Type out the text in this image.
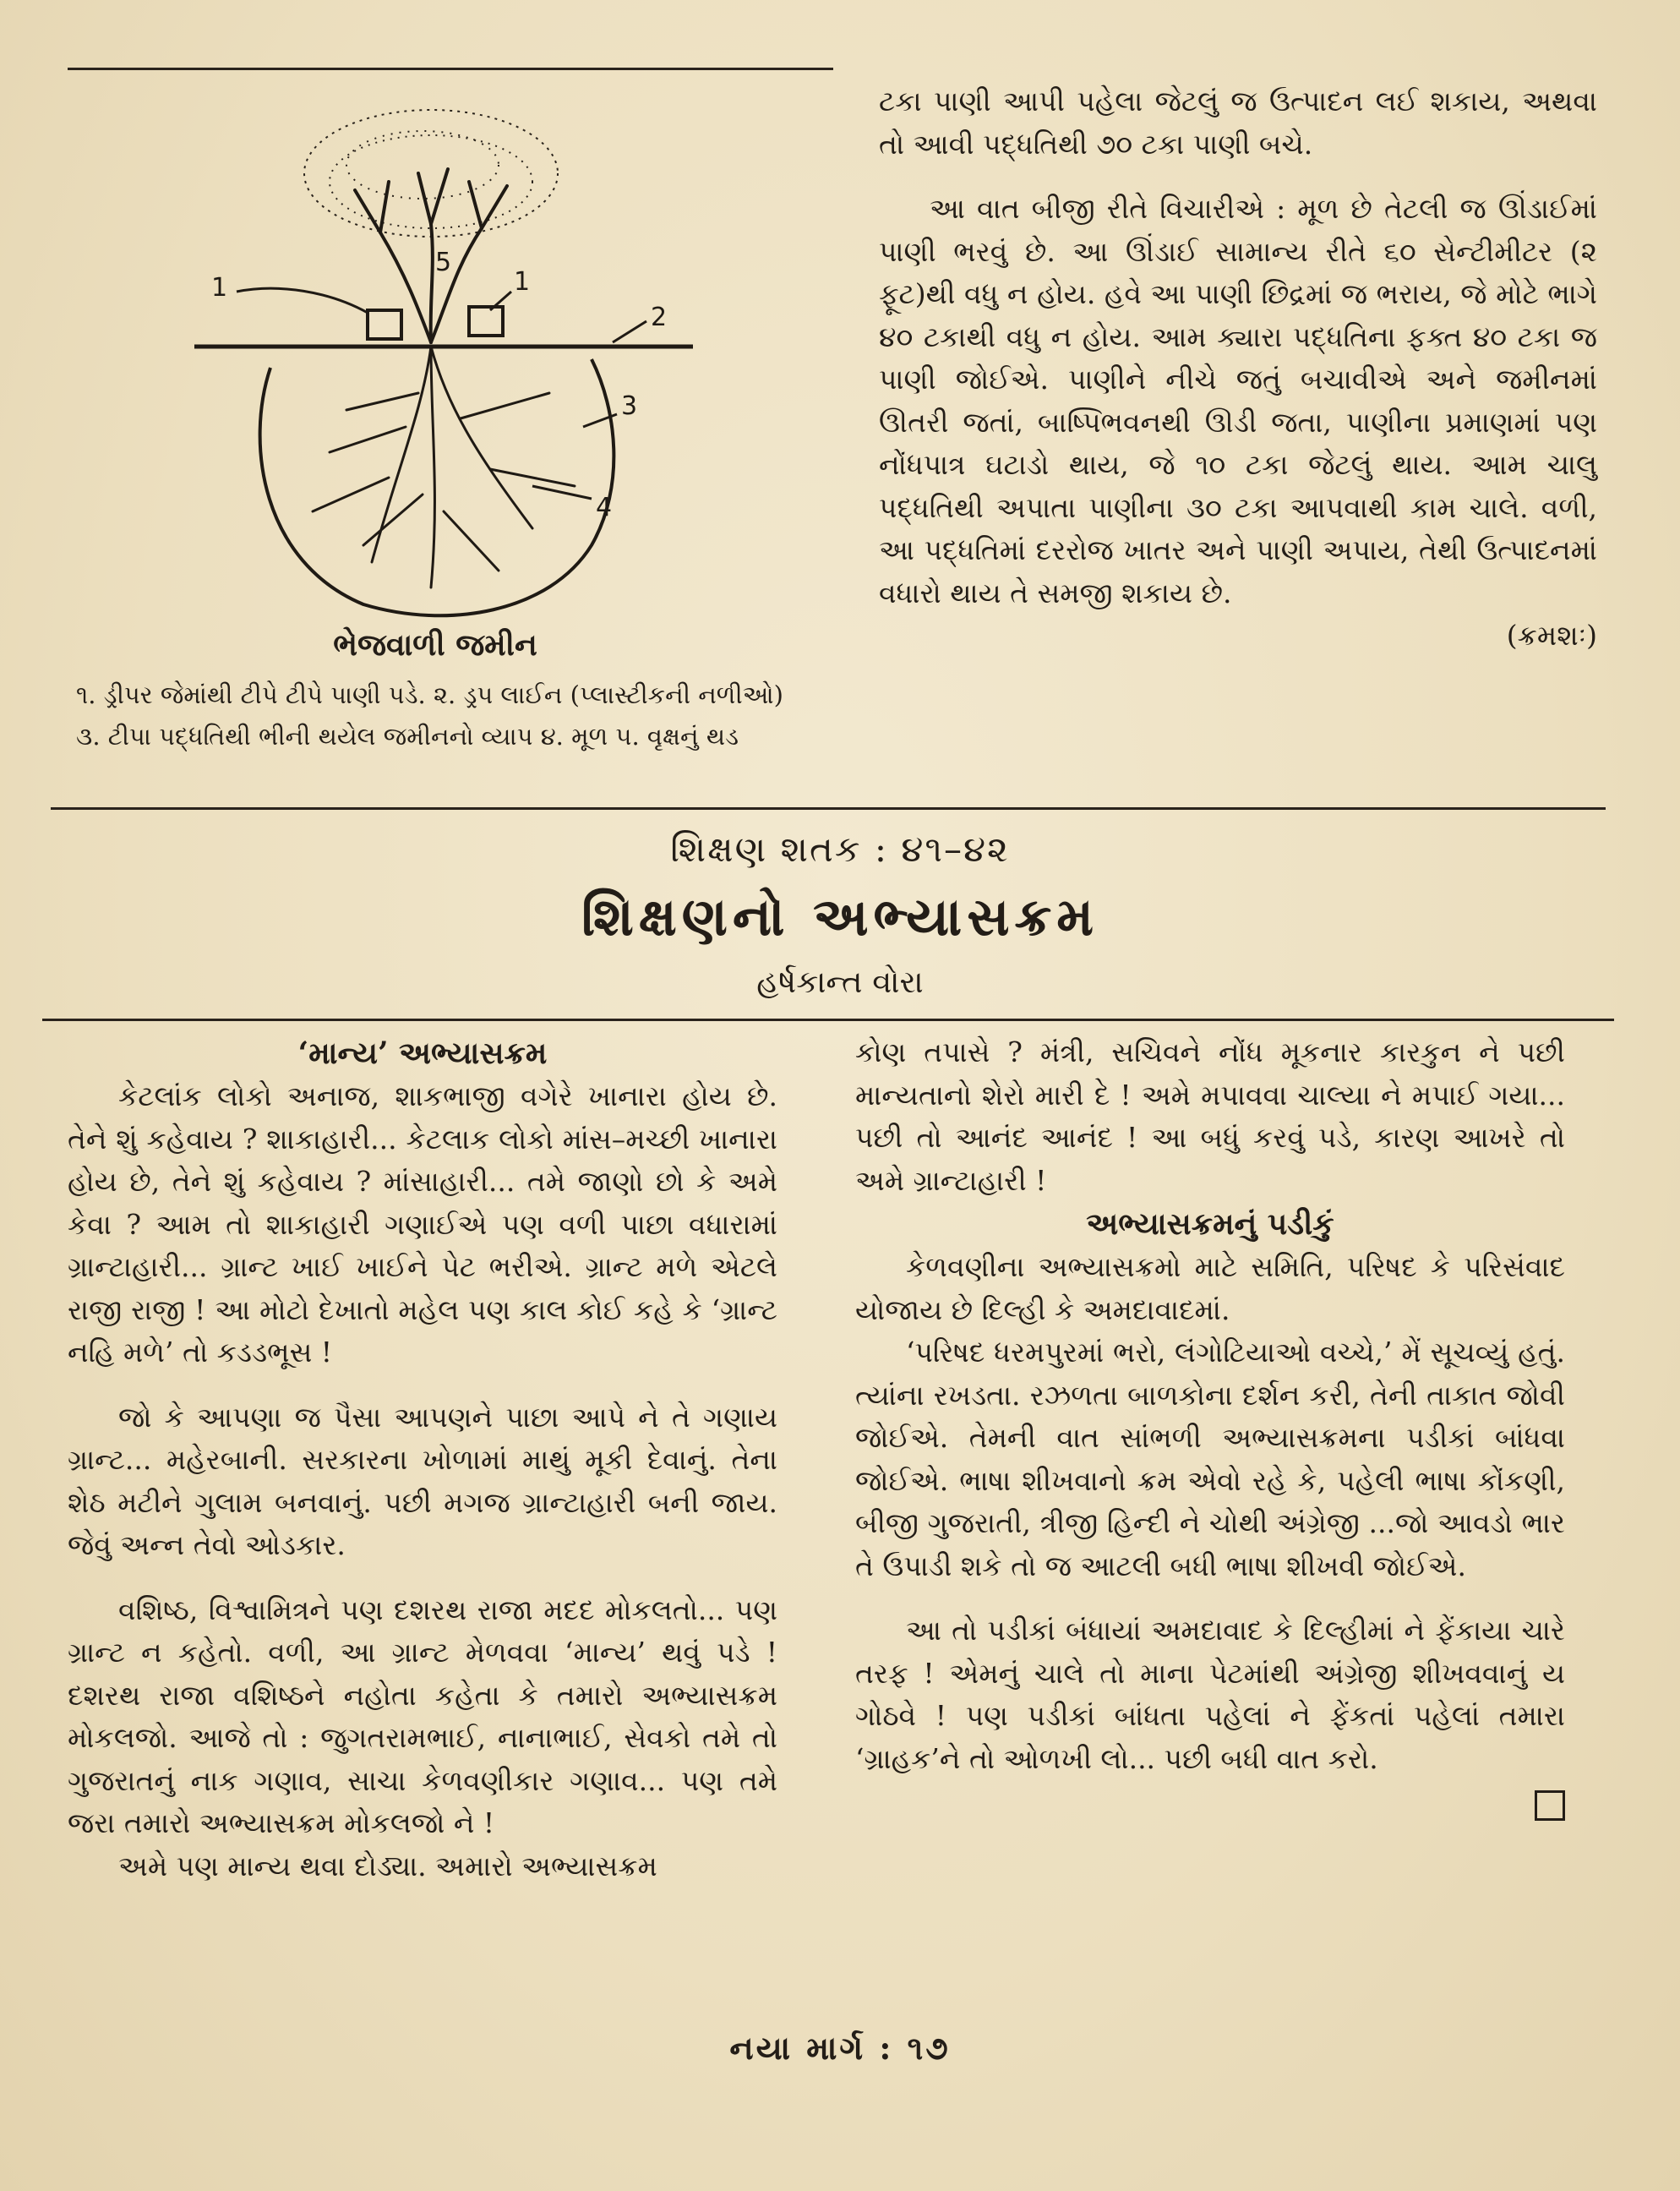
1	1
2
3
4
5
ભેજવાળી જમીન
૧. ડ્રીપર જેમાંથી ટીપે ટીપે પાણી પડે. ૨. ડ્રપ લાઈન (પ્લાસ્ટીકની નળીઓ) ૩. ટીપા પદ્ધતિથી ભીની થયેલ જમીનનો વ્યાપ ૪. મૂળ ૫. વૃક્ષનું થડ

ટકા પાણી આપી પહેલા જેટલું જ ઉત્પાદન લઈ શકાય, અથવા તો આવી પદ્ધતિથી ૭૦ ટકા પાણી બચે.

આ વાત બીજી રીતે વિચારીએ : મૂળ છે તેટલી જ ઊંડાઈમાં પાણી ભરવું છે. આ ઊંડાઈ સામાન્ય રીતે ૬૦ સેન્ટીમીટર (૨ ફૂટ)થી વધુ ન હોય. હવે આ પાણી છિદ્રમાં જ ભરાય, જે મોટે ભાગે ૪૦ ટકાથી વધુ ન હોય. આમ ક્યારા પદ્ધતિના ફક્ત ૪૦ ટકા જ પાણી જોઈએ. પાણીને નીચે જતું બચાવીએ અને જમીનમાં ઊતરી જતાં, બાષ્પિભવનથી ઊડી જતા, પાણીના પ્રમાણમાં પણ નોંધપાત્ર ઘટાડો થાય, જે ૧૦ ટકા જેટલું થાય. આમ ચાલુ પદ્ધતિથી અપાતા પાણીના ૩૦ ટકા આપવાથી કામ ચાલે. વળી, આ પદ્ધતિમાં દરરોજ ખાતર અને પાણી અપાય, તેથી ઉત્પાદનમાં વધારો થાય તે સમજી શકાય છે.

(ક્રમશઃ)

શિક્ષણ શતક : ૪૧–૪૨
શિક્ષણનો અભ્યાસક્રમ
હર્ષકાન્ત વોરા
‘માન્ય’ અભ્યાસક્રમ

કેટલાંક લોકો અનાજ, શાકભાજી વગેરે ખાનારા હોય છે. તેને શું કહેવાય ? શાકાહારી... કેટલાક લોકો માંસ–મચ્છી ખાનારા હોય છે, તેને શું કહેવાય ? માંસાહારી... તમે જાણો છો કે અમે કેવા ? આમ તો શાકાહારી ગણાઈએ પણ વળી પાછા વધારામાં ગ્રાન્ટાહારી... ગ્રાન્ટ ખાઈ ખાઈને પેટ ભરીએ. ગ્રાન્ટ મળે એટલે રાજી રાજી ! આ મોટો દેખાતો મહેલ પણ કાલ કોઈ કહે કે ‘ગ્રાન્ટ નહિ મળે’ તો કડડભૂસ !

જો કે આપણા જ પૈસા આપણને પાછા આપે ને તે ગણાય ગ્રાન્ટ... મહેરબાની. સરકારના ખોળામાં માથું મૂકી દેવાનું. તેના શેઠ મટીને ગુલામ બનવાનું. પછી મગજ ગ્રાન્ટાહારી બની જાય. જેવું અન્ન તેવો ઓડકાર.

વશિષ્ઠ, વિશ્વામિત્રને પણ દશરથ રાજા મદદ મોકલતો... પણ ગ્રાન્ટ ન કહેતો. વળી, આ ગ્રાન્ટ મેળવવા ‘માન્ય’ થવું પડે ! દશરથ રાજા વશિષ્ઠને નહોતા કહેતા કે તમારો અભ્યાસક્રમ મોકલજો. આજે તો : જુગતરામભાઈ, નાનાભાઈ, સેવકો તમે તો ગુજરાતનું નાક ગણાવ, સાચા કેળવણીકાર ગણાવ... પણ તમે જરા તમારો અભ્યાસક્રમ મોકલજો ને !

અમે પણ માન્ય થવા દોડ્યા. અમારો અભ્યાસક્રમ

કોણ તપાસે ? મંત્રી, સચિવને નોંધ મૂકનાર કારકુન ને પછી માન્યતાનો શેરો મારી દે ! અમે મપાવવા ચાલ્યા ને મપાઈ ગયા... પછી તો આનંદ આનંદ ! આ બધું કરવું પડે, કારણ આખરે તો અમે ગ્રાન્ટાહારી !

અભ્યાસક્રમનું પડીકું

કેળવણીના અભ્યાસક્રમો માટે સમિતિ, પરિષદ કે પરિસંવાદ યોજાય છે દિલ્હી કે અમદાવાદમાં.

‘પરિષદ ધરમપુરમાં ભરો, લંગોટિયાઓ વચ્ચે,’ મેં સૂચવ્યું હતું. ત્યાંના રખડતા. રઝળતા બાળકોના દર્શન કરી, તેની તાકાત જોવી જોઈએ. તેમની વાત સાંભળી અભ્યાસક્રમના પડીકાં બાંધવા જોઈએ. ભાષા શીખવાનો ક્રમ એવો રહે કે, પહેલી ભાષા કોંકણી, બીજી ગુજરાતી, ત્રીજી હિન્દી ને ચોથી અંગ્રેજી ...જો આવડો ભાર તે ઉપાડી શકે તો જ આટલી બધી ભાષા શીખવી જોઈએ.

આ તો પડીકાં બંધાયાં અમદાવાદ કે દિલ્હીમાં ને ફેંકાયા ચારે તરફ ! એમનું ચાલે તો માના પેટમાંથી અંગ્રેજી શીખવવાનું ય ગોઠવે ! પણ પડીકાં બાંધતા પહેલાં ને ફેંકતાં પહેલાં તમારા ‘ગ્રાહક’ને તો ઓળખી લો... પછી બધી વાત કરો.

નયા માર્ગ : ૧૭
